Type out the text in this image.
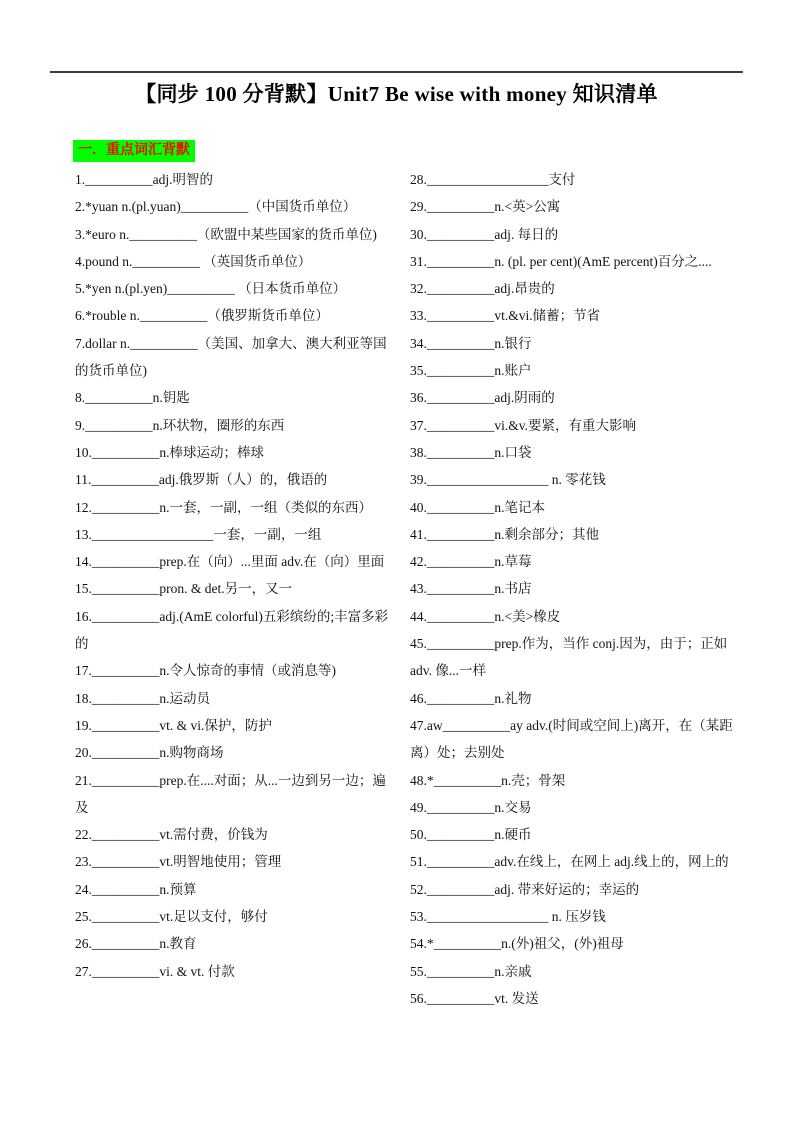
【同步 100 分背默】Unit7 Be wise with money 知识清单
一．重点词汇背默
1.__________adj.明智的
2.*yuan n.(pl.yuan)__________（中国货币单位）
3.*euro n.__________（欧盟中某些国家的货币单位)
4.pound n.__________ （英国货币单位）
5.*yen n.(pl.yen)__________ （日本货币单位）
6.*rouble n.__________（俄罗斯货币单位）
7.dollar n.__________（美国、加拿大、澳大利亚等国的货币单位)
8.__________n.钥匙
9.__________n.环状物，圈形的东西
10.__________n.棒球运动；棒球
11.__________adj.俄罗斯（人）的，俄语的
12.__________n.一套，一副，一组（类似的东西）
13.__________________一套，一副，一组
14.__________prep.在（向）...里面 adv.在（向）里面
15.__________pron. & det.另一，又一
16.__________adj.(AmE colorful)五彩缤纷的;丰富多彩的
17.__________n.令人惊奇的事情（或消息等)
18.__________n.运动员
19.__________vt. & vi.保护，防护
20.__________n.购物商场
21.__________prep.在....对面；从...一边到另一边；遍及
22.__________vt.需付费，价钱为
23.__________vt.明智地使用；管理
24.__________n.预算
25.__________vt.足以支付，够付
26.__________n.教育
27.__________vi. & vt. 付款
28.__________________支付
29.__________n.<英>公寓
30.__________adj. 每日的
31.__________n. (pl. per cent)(AmE percent)百分之....
32.__________adj.昂贵的
33.__________vt.&vi.储蓄；节省
34.__________n.银行
35.__________n.账户
36.__________adj.阴雨的
37.__________vi.&v.要紧，有重大影响
38.__________n.口袋
39.__________________ n. 零花钱
40.__________n.笔记本
41.__________n.剩余部分；其他
42.__________n.草莓
43.__________n.书店
44.__________n.<美>橡皮
45.__________prep.作为，当作 conj.因为，由于；正如 adv. 像...一样
46.__________n.礼物
47.aw__________ay adv.(时间或空间上)离开，在（某距离）处；去别处
48.*__________n.壳；骨架
49.__________n.交易
50.__________n.硬币
51.__________adv.在线上，在网上 adj.线上的，网上的
52.__________adj. 带来好运的；幸运的
53.__________________ n. 压岁钱
54.*__________n.(外)祖父，(外)祖母
55.__________n.亲戚
56.__________vt. 发送
